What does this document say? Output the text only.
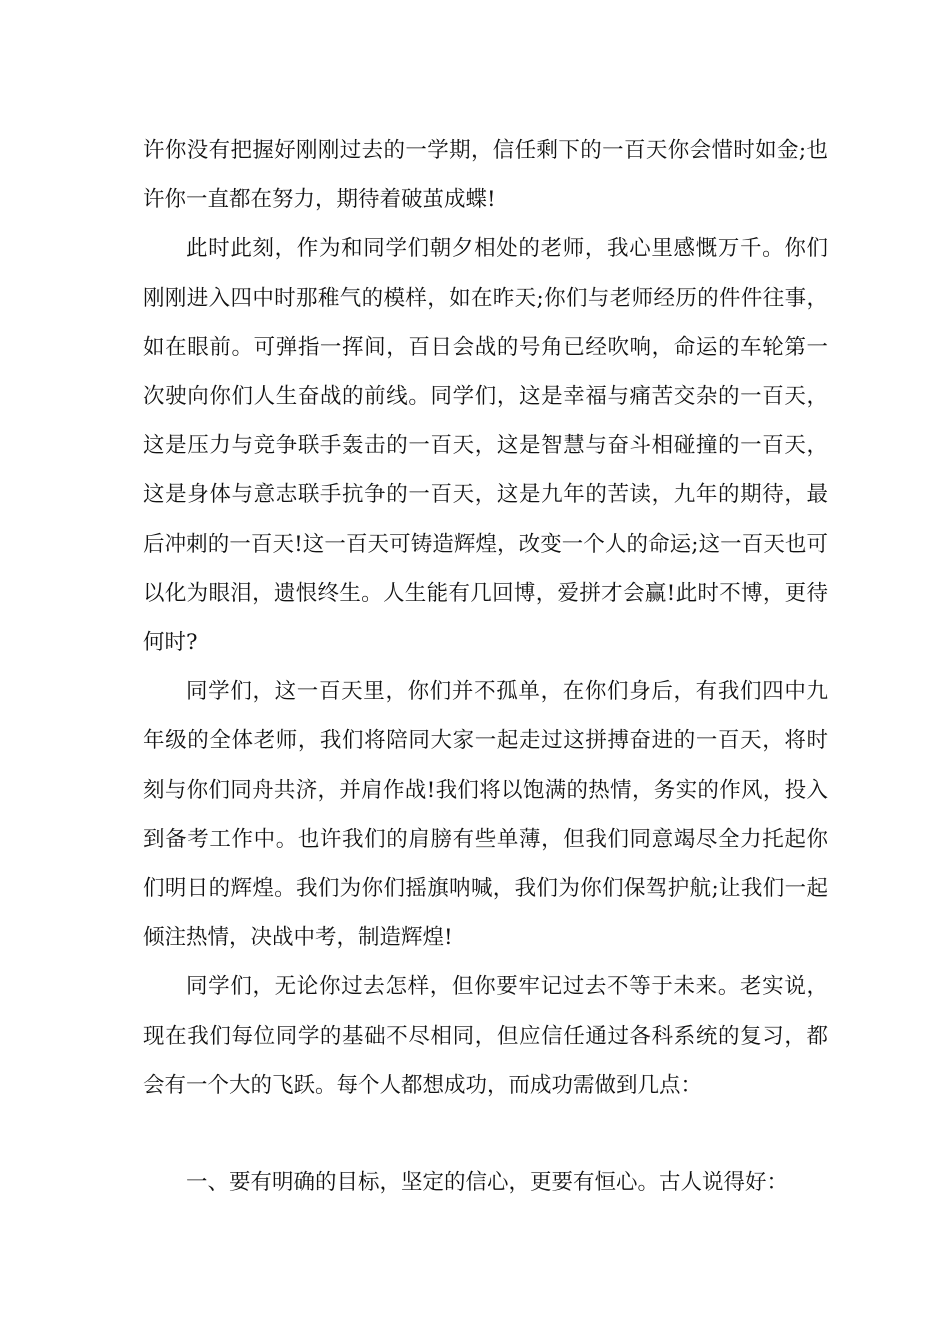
许你没有把握好刚刚过去的一学期，信任剩下的一百天你会惜时如金;也许你一直都在努力，期待着破茧成蝶!

此时此刻，作为和同学们朝夕相处的老师，我心里感慨万千。你们刚刚进入四中时那稚气的模样，如在昨天;你们与老师经历的件件往事，如在眼前。可弹指一挥间，百日会战的号角已经吹响，命运的车轮第一次驶向你们人生奋战的前线。同学们，这是幸福与痛苦交杂的一百天，这是压力与竞争联手轰击的一百天，这是智慧与奋斗相碰撞的一百天，这是身体与意志联手抗争的一百天，这是九年的苦读，九年的期待，最后冲刺的一百天!这一百天可铸造辉煌，改变一个人的命运;这一百天也可以化为眼泪，遗恨终生。人生能有几回博，爱拼才会赢!此时不博，更待何时?

同学们，这一百天里，你们并不孤单，在你们身后，有我们四中九年级的全体老师，我们将陪同大家一起走过这拼搏奋进的一百天，将时刻与你们同舟共济，并肩作战!我们将以饱满的热情，务实的作风，投入到备考工作中。也许我们的肩膀有些单薄，但我们同意竭尽全力托起你们明日的辉煌。我们为你们摇旗呐喊，我们为你们保驾护航;让我们一起倾注热情，决战中考，制造辉煌!

同学们，无论你过去怎样，但你要牢记过去不等于未来。老实说，现在我们每位同学的基础不尽相同，但应信任通过各科系统的复习，都会有一个大的飞跃。每个人都想成功，而成功需做到几点：

一、要有明确的目标，坚定的信心，更要有恒心。古人说得好：
